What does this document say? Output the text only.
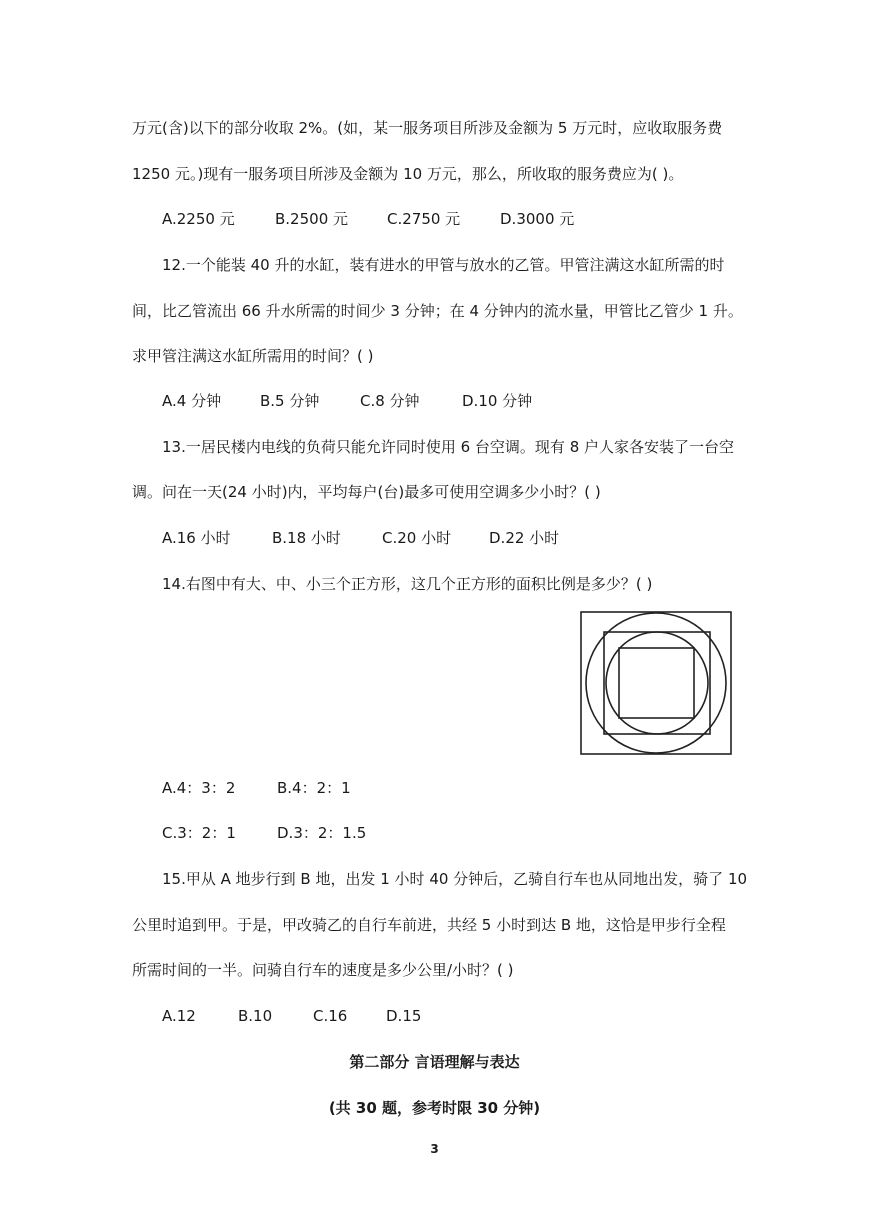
万元(含)以下的部分收取 2%。(如，某一服务项目所涉及金额为 5 万元时，应收取服务费

1250 元。)现有一服务项目所涉及金额为 10 万元，那么，所收取的服务费应为( )。

A.2250 元	B.2500 元	C.2750 元	D.3000 元

12.一个能装 40 升的水缸，装有进水的甲管与放水的乙管。甲管注满这水缸所需的时

间，比乙管流出 66 升水所需的时间少 3 分钟；在 4 分钟内的流水量，甲管比乙管少 1 升。

求甲管注满这水缸所需用的时间？( )

A.4 分钟	B.5 分钟	C.8 分钟	D.10 分钟

13.一居民楼内电线的负荷只能允许同时使用 6 台空调。现有 8 户人家各安装了一台空

调。问在一天(24 小时)内，平均每户(台)最多可使用空调多少小时？( )

A.16 小时	B.18 小时	C.20 小时	D.22 小时

14.右图中有大、中、小三个正方形，这几个正方形的面积比例是多少？( )

A.4：3：2	B.4：2：1
C.3：2：1	D.3：2：1.5

15.甲从 A 地步行到 B 地，出发 1 小时 40 分钟后，乙骑自行车也从同地出发，骑了 10

公里时追到甲。于是，甲改骑乙的自行车前进，共经 5 小时到达 B 地，这恰是甲步行全程

所需时间的一半。问骑自行车的速度是多少公里/小时？( )

A.12	B.10	C.16	D.15

第二部分 言语理解与表达

(共 30 题，参考时限 30 分钟)

3
